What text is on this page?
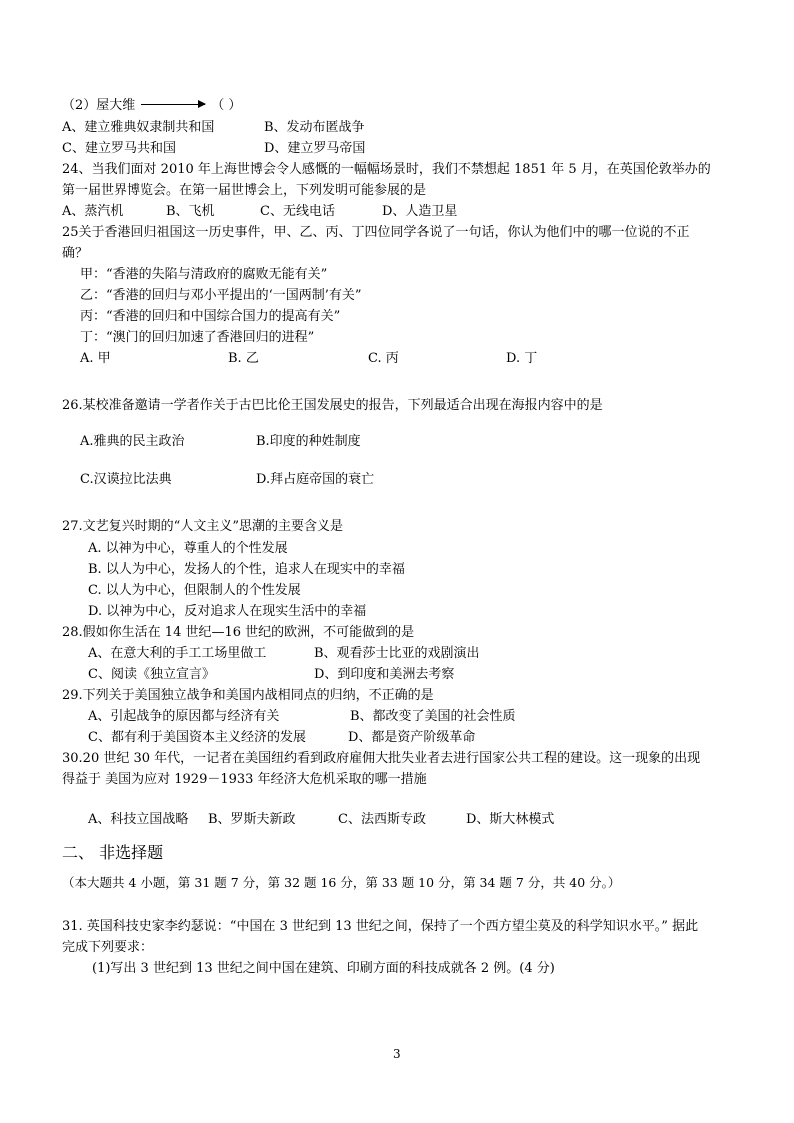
（2）屋大维	（ ）
A、建立雅典奴隶制共和国	B、发动布匿战争
C、建立罗马共和国	D、建立罗马帝国
24、当我们面对 2010 年上海世博会令人感慨的一幅幅场景时，我们不禁想起 1851 年 5 月，在英国伦敦举办的
第一届世界博览会。在第一届世博会上，下列发明可能参展的是
A、蒸汽机	B、飞机	C、无线电话	D、人造卫星
25关于香港回归祖国这一历史事件，甲、乙、丙、丁四位同学各说了一句话，你认为他们中的哪一位说的不正
确？
甲：“香港的失陷与清政府的腐败无能有关”
乙：“香港的回归与邓小平提出的‘一国两制’有关”
丙：“香港的回归和中国综合国力的提高有关”
丁：“澳门的回归加速了香港回归的进程”
A. 甲	B. 乙	C. 丙	D. 丁
26.某校准备邀请一学者作关于古巴比伦王国发展史的报告，下列最适合出现在海报内容中的是
A.雅典的民主政治	B.印度的种姓制度
C.汉谟拉比法典	D.拜占庭帝国的衰亡
27.文艺复兴时期的“人文主义”思潮的主要含义是
A. 以神为中心，尊重人的个性发展
B. 以人为中心，发扬人的个性，追求人在现实中的幸福
C. 以人为中心，但限制人的个性发展
D. 以神为中心，反对追求人在现实生活中的幸福
28.假如你生活在 14 世纪—16 世纪的欧洲，不可能做到的是
A、在意大利的手工工场里做工	B、观看莎士比亚的戏剧演出
C、阅读《独立宣言》	D、到印度和美洲去考察
29.下列关于美国独立战争和美国内战相同点的归纳，不正确的是
A、引起战争的原因都与经济有关	B、都改变了美国的社会性质
C、都有利于美国资本主义经济的发展	D、都是资产阶级革命
30.20 世纪 30 年代，一记者在美国纽约看到政府雇佣大批失业者去进行国家公共工程的建设。这一现象的出现
得益于 美国为应对 1929－1933 年经济大危机采取的哪一措施
A、科技立国战略 B、罗斯夫新政	C、法西斯专政	D、斯大林模式
二、 非选择题
（本大题共 4 小题，第 31 题 7 分，第 32 题 16 分，第 33 题 10 分，第 34 题 7 分，共 40 分。）
31. 英国科技史家李约瑟说：“中国在 3 世纪到 13 世纪之间，保持了一个西方望尘莫及的科学知识水平。” 据此
完成下列要求：
(1)写出 3 世纪到 13 世纪之间中国在建筑、印刷方面的科技成就各 2 例。(4 分)
3
